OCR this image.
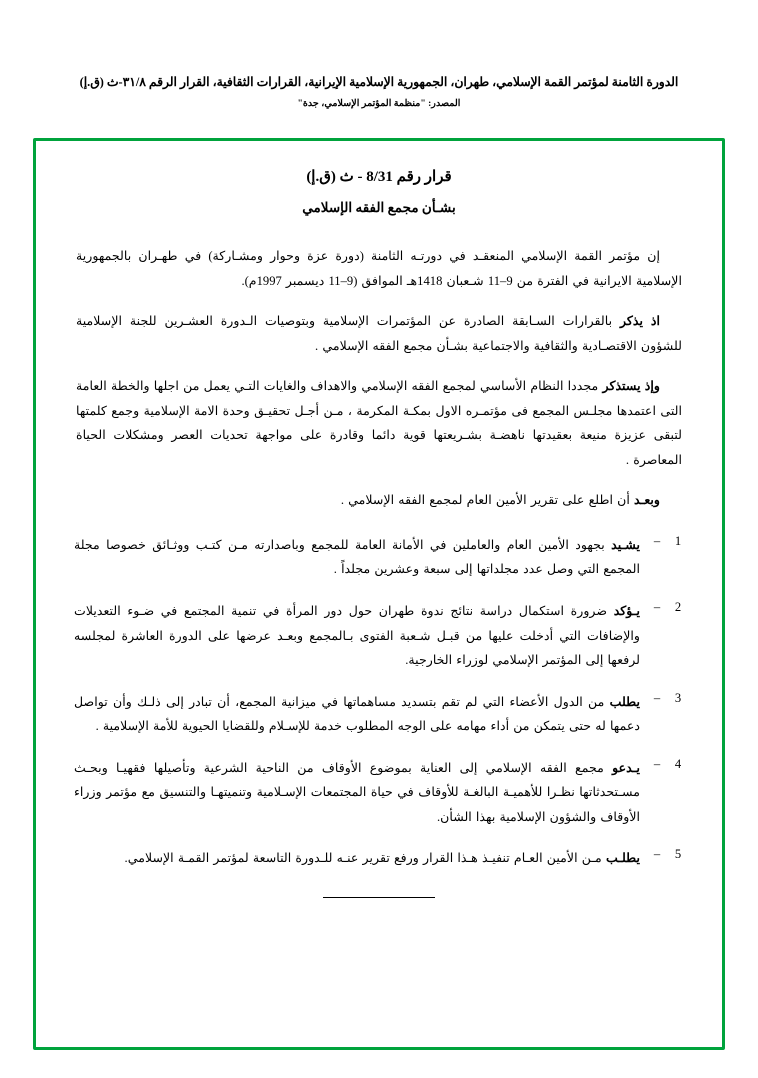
الدورة الثامنة لمؤتمر القمة الإسلامي، طهران، الجمهورية الإسلامية الإيرانية، القرارات الثقافية، القرار الرقم ٣١/٨-ث (ق.إ)
المصدر: "منظمة المؤتمر الإسلامي، جدة"
قرار رقم 8/31 - ث (ق.إ)
بشـأن مجمع الفقه الإسلامي
إن مؤتمر القمة الإسلامي المنعقـد في دورتـه الثامنة (دورة عزة وحوار ومشـاركة) في طهـران بالجمهورية الإسلامية الايرانية في الفترة من 9–11 شـعبان 1418هـ الموافق (9–11 ديسمبر 1997م).
اذ يذكر بالقرارات السـابقة الصادرة عن المؤتمرات الإسلامية وبتوصيات الـدورة العشـرين للجنة الإسلامية للشؤون الاقتصـادية والثقافية والاجتماعية بشـأن مجمع الفقه الإسلامي .
وإذ يستذكر مجددا النظام الأساسي لمجمع الفقه الإسلامي والاهداف والغايات التـي يعمل من اجلها والخطة العامة التى اعتمدها مجلـس المجمع فى مؤتمـره الاول بمكـة المكرمة ، مـن أجـل تحقيـق وحدة الامة الإسلامية وجمع كلمتها لتبقى عزيزة منيعة بعقيدتها ناهضـة بشـريعتها قوية دائما وقادرة على مواجهة تحديات العصر ومشكلات الحياة المعاصرة .
وبعـد أن اطلع على تقرير الأمين العام لمجمع الفقه الإسلامي .
1
–
يشـيد بجهود الأمين العام والعاملين في الأمانة العامة للمجمع وباصدارته مـن كتـب ووثـائق خصوصا مجلة المجمع التي وصل عدد مجلداتها إلى سبعة وعشرين مجلداً .
2
–
يـؤكد ضرورة استكمال دراسة نتائج ندوة طهران حول دور المرأة في تنمية المجتمع في ضـوء التعديلات والإضافات التي أدخلت عليها من قبـل شـعبة الفتوى بـالمجمع وبعـد عرضها على الدورة العاشرة لمجلسه لرفعها إلى المؤتمر الإسلامي لوزراء الخارجية.
3
–
يطلب من الدول الأعضاء التي لم تقم بتسديد مساهماتها في ميزانية المجمع، أن تبادر إلى ذلـك وأن تواصل دعمها له حتى يتمكن من أداء مهامه على الوجه المطلوب خدمة للإسـلام وللقضايا الحيوية للأمة الإسلامية .
4
–
يـدعو مجمع الفقه الإسلامي إلى العناية بموضوع الأوقاف من الناحية الشرعية وتأصيلها فقهيـا وبحـث مسـتحدثاتها نظـرا للأهميـة البالغـة للأوقاف في حياة المجتمعات الإسـلامية وتنميتهـا والتنسيق مع مؤتمر وزراء الأوقاف والشؤون الإسلامية بهذا الشأن.
5
–
يطلـب مـن الأمين العـام تنفيـذ هـذا القرار ورفع تقرير عنـه للـدورة التاسعة لمؤتمر القمـة الإسلامي.
